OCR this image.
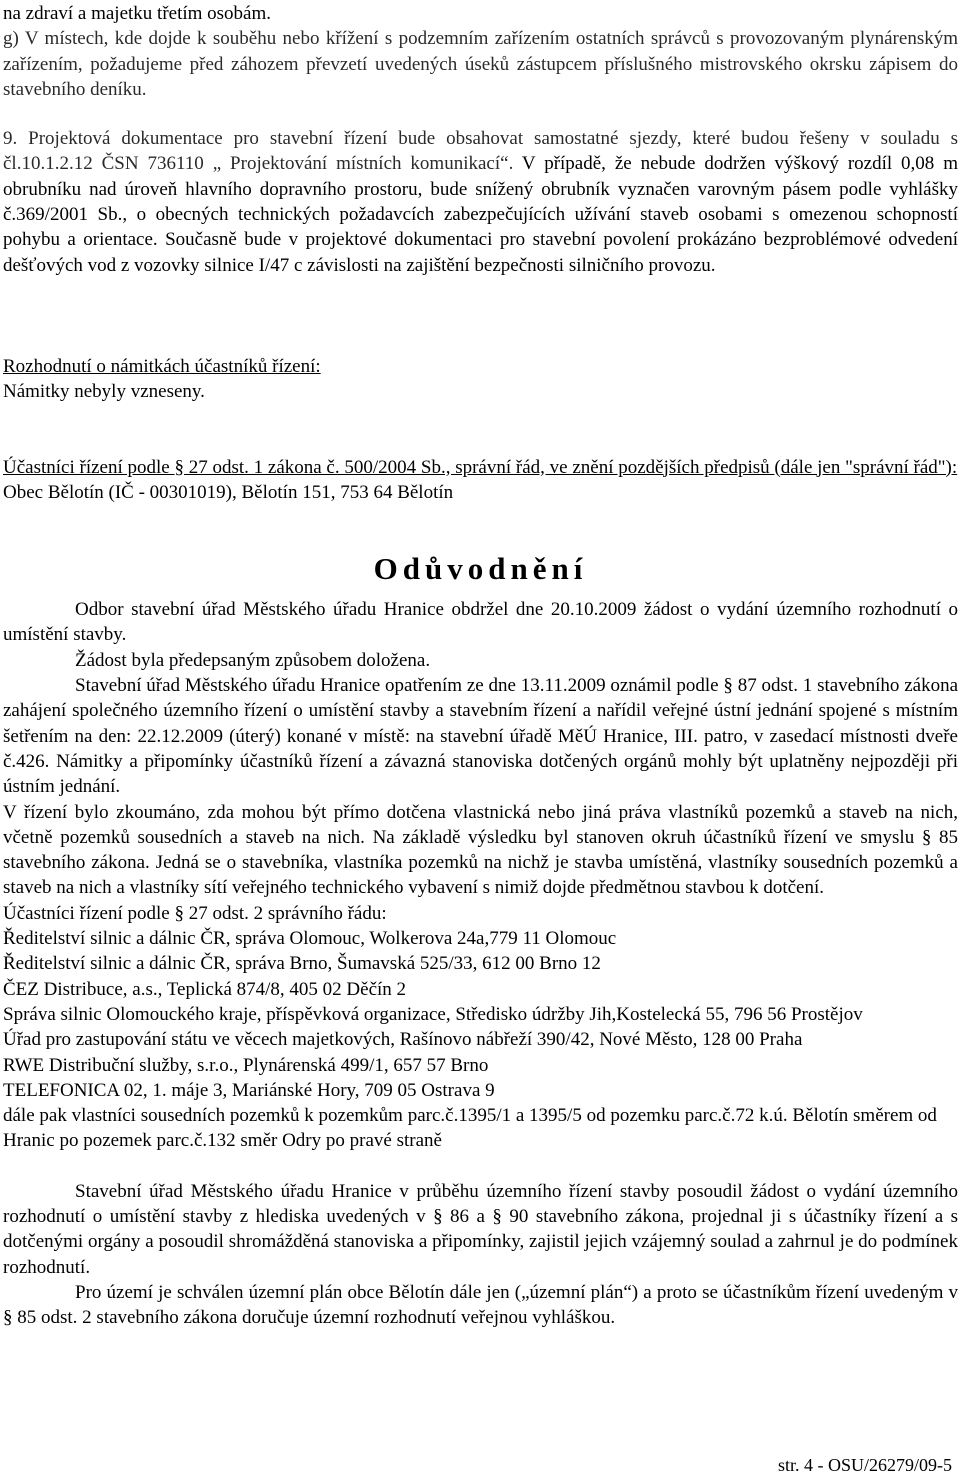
na zdraví a majetku třetím osobám.

g) V místech, kde dojde k souběhu nebo křížení s podzemním zařízením ostatních správců s provozovaným plynárenským zařízením, požadujeme před záhozem převzetí uvedených úseků zástupcem příslušného mistrovského okrsku zápisem do stavebního deníku.

9. Projektová dokumentace pro stavební řízení bude obsahovat samostatné sjezdy, které budou řešeny v souladu s čl.10.1.2.12 ČSN 736110 „ Projektování místních komunikací“. V případě, že nebude dodržen výškový rozdíl 0,08 m obrubníku nad úroveň hlavního dopravního prostoru, bude snížený obrubník vyznačen varovným pásem podle vyhlášky č.369/2001 Sb., o obecných technických požadavcích zabezpečujících užívání staveb osobami s omezenou schopností pohybu a orientace. Současně bude v projektové dokumentaci pro stavební povolení prokázáno bezproblémové odvedení dešťových vod z vozovky silnice I/47 c závislosti na zajištění bezpečnosti silničního provozu.

Rozhodnutí o námitkách účastníků řízení:

Námitky nebyly vzneseny.

Účastníci řízení podle § 27 odst. 1 zákona č. 500/2004 Sb., správní řád, ve znění pozdějších předpisů (dále jen "správní řád"):

Obec Bělotín (IČ - 00301019), Bělotín 151, 753 64 Bělotín

Odůvodnění

Odbor stavební úřad Městského úřadu Hranice obdržel dne 20.10.2009 žádost o vydání územního rozhodnutí o umístění stavby.

Žádost byla předepsaným způsobem doložena.

Stavební úřad Městského úřadu Hranice opatřením ze dne 13.11.2009 oznámil podle § 87 odst. 1 stavebního zákona zahájení společného územního řízení o umístění stavby a stavebním řízení a nařídil veřejné ústní jednání spojené s místním šetřením na den: 22.12.2009 (úterý) konané v místě: na stavební úřadě MěÚ Hranice, III. patro, v zasedací místnosti dveře č.426. Námitky a připomínky účastníků řízení a závazná stanoviska dotčených orgánů mohly být uplatněny nejpozději při ústním jednání.

V řízení bylo zkoumáno, zda mohou být přímo dotčena vlastnická nebo jiná práva vlastníků pozemků a staveb na nich, včetně pozemků sousedních a staveb na nich. Na základě výsledku byl stanoven okruh účastníků řízení ve smyslu § 85 stavebního zákona. Jedná se o stavebníka, vlastníka pozemků na nichž je stavba umístěná, vlastníky sousedních pozemků a staveb na nich a vlastníky sítí veřejného technického vybavení s nimiž dojde předmětnou stavbou k dotčení.

Účastníci řízení podle § 27 odst. 2 správního řádu:

Ředitelství silnic a dálnic ČR, správa Olomouc, Wolkerova 24a,779 11 Olomouc

Ředitelství silnic a dálnic ČR, správa Brno, Šumavská 525/33, 612 00 Brno 12

ČEZ Distribuce, a.s., Teplická 874/8, 405 02 Děčín 2

Správa silnic Olomouckého kraje, příspěvková organizace, Středisko údržby Jih,Kostelecká 55, 796 56 Prostějov

Úřad pro zastupování státu ve věcech majetkových, Rašínovo nábřeží 390/42, Nové Město, 128 00 Praha

RWE Distribuční služby, s.r.o., Plynárenská 499/1, 657 57 Brno

TELEFONICA 02, 1. máje 3, Mariánské Hory, 709 05 Ostrava 9

dále pak vlastníci sousedních pozemků k pozemkům parc.č.1395/1 a 1395/5 od pozemku parc.č.72 k.ú. Bělotín směrem od Hranic po pozemek parc.č.132 směr Odry po pravé straně

Stavební úřad Městského úřadu Hranice v průběhu územního řízení stavby posoudil žádost o vydání územního rozhodnutí o umístění stavby z hlediska uvedených v § 86 a § 90 stavebního zákona, projednal ji s účastníky řízení a s dotčenými orgány a posoudil shromážděná stanoviska a připomínky, zajistil jejich vzájemný soulad a zahrnul je do podmínek rozhodnutí.

Pro území je schválen územní plán obce Bělotín dále jen („územní plán“) a proto se účastníkům řízení uvedeným v § 85 odst. 2 stavebního zákona doručuje územní rozhodnutí veřejnou vyhláškou.

str. 4 - OSU/26279/09-5
